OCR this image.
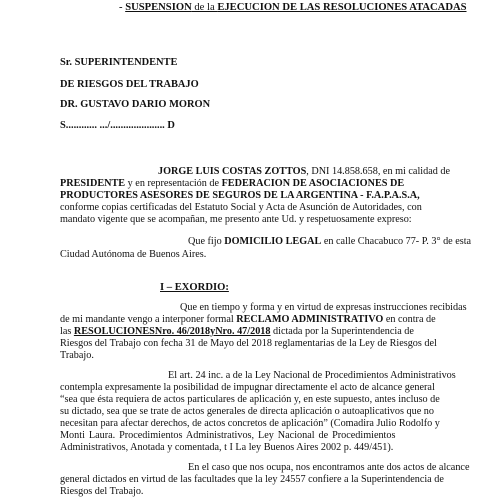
- SUSPENSION de la EJECUCION DE LAS RESOLUCIONES ATACADAS
Sr. SUPERINTENDENTE
DE RIESGOS DEL TRABAJO
DR. GUSTAVO DARIO MORON
S............ .../..................... D
JORGE LUIS COSTAS ZOTTOS, DNI 14.858.658, en mi calidad de
PRESIDENTE y en representación de FEDERACION DE ASOCIACIONES DE
PRODUCTORES ASESORES DE SEGUROS DE LA ARGENTINA - F.A.P.A.S.A,
conforme copias certificadas del Estatuto Social y Acta de Asunción de Autoridades, con
mandato vigente que se acompañan, me presento ante Ud. y respetuosamente expreso:
Que fijo DOMICILIO LEGAL en calle Chacabuco 77- P. 3° de esta
Ciudad Autónoma de Buenos Aires.
I – EXORDIO:
Que en tiempo y forma y en virtud de expresas instrucciones recibidas
de mi mandante vengo a interponer formal RECLAMO ADMINISTRATIVO en contra de
las RESOLUCIONESNro. 46/2018yNro. 47/2018 dictada por la Superintendencia de
Riesgos del Trabajo con fecha 31 de Mayo del 2018 reglamentarias de la Ley de Riesgos del
Trabajo.
El art. 24 inc. a de la Ley Nacional de Procedimientos Administrativos
contempla expresamente la posibilidad de impugnar directamente el acto de alcance general
“sea que ésta requiera de actos particulares de aplicación y, en este supuesto, antes incluso de
su dictado, sea que se trate de actos generales de directa aplicación o autoaplicativos que no
necesitan para afectar derechos, de actos concretos de aplicación” (Comadira Julio Rodolfo y
Monti Laura. Procedimientos Administrativos, Ley Nacional de Procedimientos
Administrativos, Anotada y comentada, t I La ley Buenos Aires 2002 p. 449/451).
En el caso que nos ocupa, nos encontramos ante dos actos de alcance
general dictados en virtud de las facultades que la ley 24557 confiere a la Superintendencia de
Riesgos del Trabajo.
